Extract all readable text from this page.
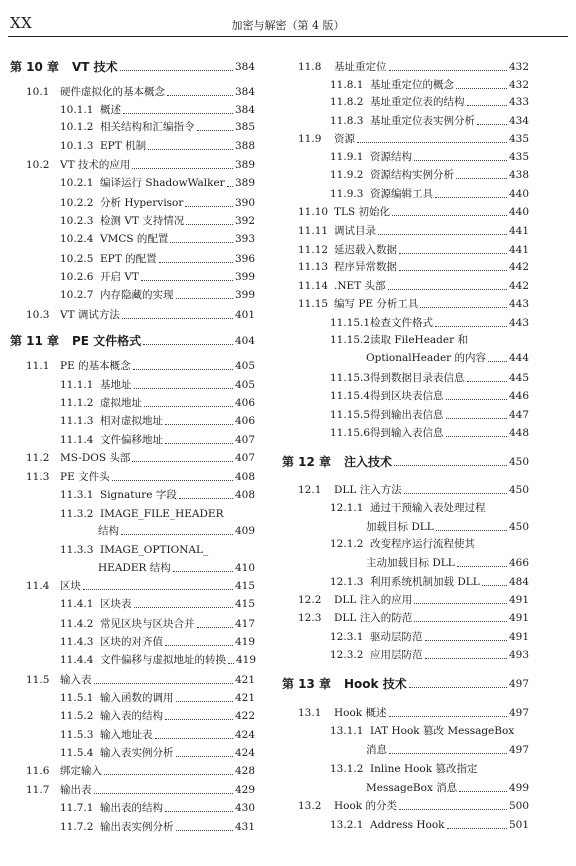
XX	加密与解密（第 4 版）
第 10 章	VT 技术	384
10.1	硬件虚拟化的基本概念	384
10.1.1 概述	384
10.1.2 相关结构和汇编指令	385
10.1.3 EPT 机制	388
10.2	VT 技术的应用	389
10.2.1 编译运行 ShadowWalker 389
10.2.2 分析 Hypervisor	390
10.2.3 检测 VT 支持情况	392
10.2.4 VMCS 的配置	393
10.2.5 EPT 的配置	396
10.2.6 开启 VT	399
10.2.7 内存隐藏的实现	399
10.3	VT 调试方法	401
第 11 章	PE 文件格式	404
11.1	PE 的基本概念	405
11.1.1 基地址	405
11.1.2 虚拟地址	406
11.1.3 相对虚拟地址	406
11.1.4 文件偏移地址	407
11.2	MS-DOS 头部	407
11.3	PE 文件头	408
11.3.1 Signature 字段	408
11.3.2 IMAGE_FILE_HEADER
结构	409
11.3.3 IMAGE_OPTIONAL_
HEADER 结构	410
11.4	区块	415
11.4.1 区块表	415
11.4.2 常见区块与区块合并	417
11.4.3 区块的对齐值	419
11.4.4 文件偏移与虚拟地址的转换 419
11.5	输入表	421
11.5.1 输入函数的调用	421
11.5.2 输入表的结构	422
11.5.3 输入地址表	424
11.5.4 输入表实例分析	424
11.6	绑定输入	428
11.7	输出表	429
11.7.1 输出表的结构	430
11.7.2 输出表实例分析	431
11.8	基址重定位	432
11.8.1 基址重定位的概念	432
11.8.2 基址重定位表的结构	433
11.8.3 基址重定位表实例分析	434
11.9	资源	435
11.9.1 资源结构	435
11.9.2 资源结构实例分析	438
11.9.3 资源编辑工具	440
11.10 TLS 初始化	440
11.11 调试目录	441
11.12 延迟载入数据	441
11.13 程序异常数据	442
11.14 .NET 头部	442
11.15 编写 PE 分析工具	443
11.15.1 检查文件格式	443
11.15.2 读取 FileHeader 和
OptionalHeader 的内容 444
11.15.3 得到数据目录表信息	445
11.15.4 得到区块表信息	446
11.15.5 得到输出表信息	447
11.15.6 得到输入表信息	448
第 12 章	注入技术	450
12.1	DLL 注入方法	450
12.1.1 通过干预输入表处理过程
加载目标 DLL	450
12.1.2 改变程序运行流程使其
主动加载目标 DLL	466
12.1.3 利用系统机制加载 DLL	484
12.2	DLL 注入的应用	491
12.3	DLL 注入的防范	491
12.3.1 驱动层防范	491
12.3.2 应用层防范	493
第 13 章	Hook 技术	497
13.1	Hook 概述	497
13.1.1 IAT Hook 篡改 MessageBox
消息	497
13.1.2 Inline Hook 篡改指定
MessageBox 消息	499
13.2	Hook 的分类	500
13.2.1 Address Hook	501
